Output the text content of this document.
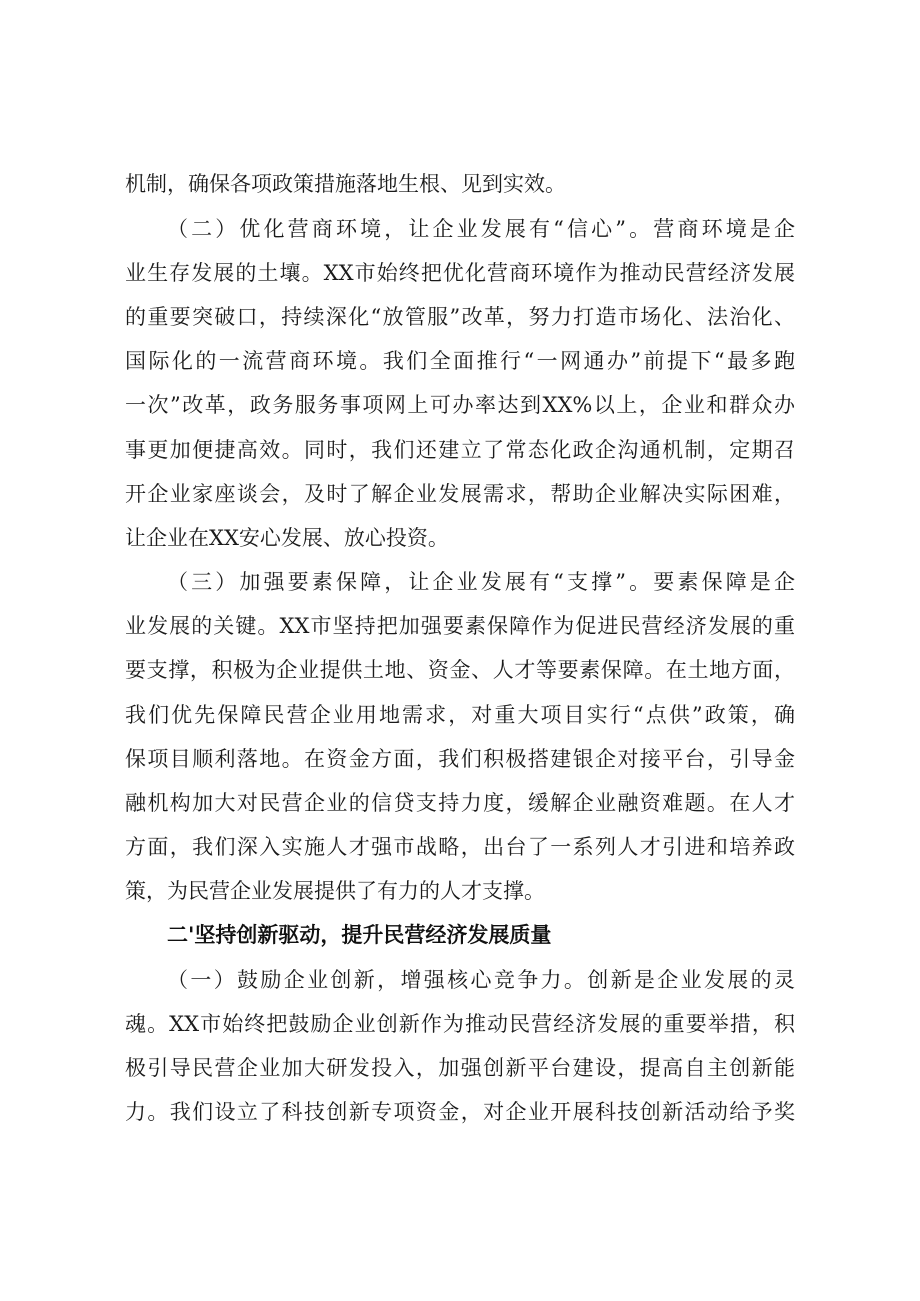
机制，确保各项政策措施落地生根、见到实效。
（二）优化营商环境，让企业发展有“信心”。营商环境是企
业生存发展的土壤。XX市始终把优化营商环境作为推动民营经济发展
的重要突破口，持续深化“放管服”改革，努力打造市场化、法治化、
国际化的一流营商环境。我们全面推行“一网通办”前提下“最多跑
一次”改革，政务服务事项网上可办率达到XX%以上，企业和群众办
事更加便捷高效。同时，我们还建立了常态化政企沟通机制，定期召
开企业家座谈会，及时了解企业发展需求，帮助企业解决实际困难，
让企业在XX安心发展、放心投资。
（三）加强要素保障，让企业发展有“支撑”。要素保障是企
业发展的关键。XX市坚持把加强要素保障作为促进民营经济发展的重
要支撑，积极为企业提供土地、资金、人才等要素保障。在土地方面，
我们优先保障民营企业用地需求，对重大项目实行“点供”政策，确
保项目顺利落地。在资金方面，我们积极搭建银企对接平台，引导金
融机构加大对民营企业的信贷支持力度，缓解企业融资难题。在人才
方面，我们深入实施人才强市战略，出台了一系列人才引进和培养政
策，为民营企业发展提供了有力的人才支撑。
二'坚持创新驱动，提升民营经济发展质量
（一）鼓励企业创新，增强核心竞争力。创新是企业发展的灵
魂。XX市始终把鼓励企业创新作为推动民营经济发展的重要举措，积
极引导民营企业加大研发投入，加强创新平台建设，提高自主创新能
力。我们设立了科技创新专项资金，对企业开展科技创新活动给予奖
